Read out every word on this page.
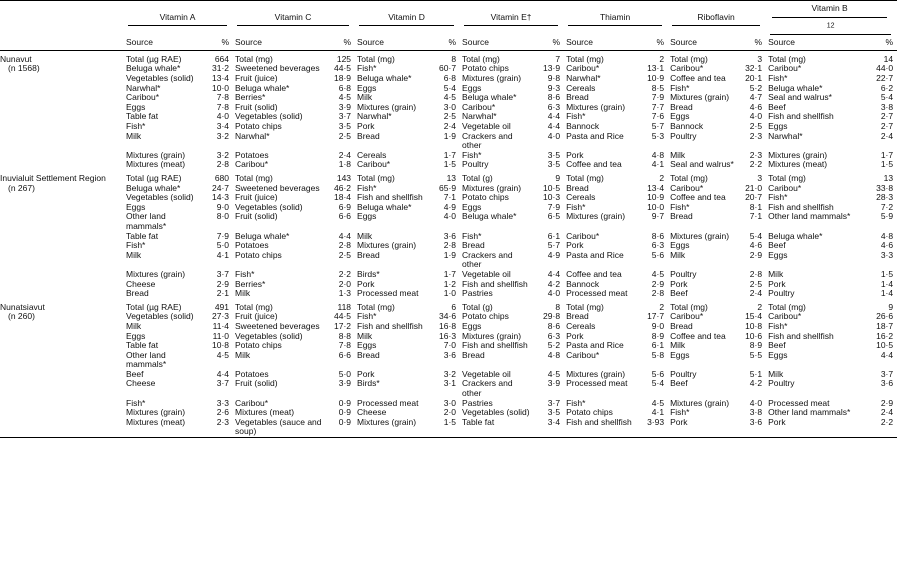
	Vitamin A		Vitamin C		Vitamin D		Vitamin E†		Thiamin		Riboflavin		Vitamin B
$_{12}$

	Source	%	Source	%	Source	%	Source	%	Source	%	Source	%	Source	%
Nunavut	Total (µg RAE)	664	Total (mg)	125	Total (mg)	8	Total (mg)	7	Total (mg)	2	Total (mg)	3	Total (mg)	14
(n 1568)	Beluga whale*	31·2	Sweetened beverages	44·5	Fish*	60·7	Potato chips	13·9	Caribou*	13·1	Caribou*	32·1	Caribou*	44·0
	Vegetables (solid)	13·4	Fruit (juice)	18·9	Beluga whale*	6·8	Mixtures (grain)	9·8	Narwhal*	10·9	Coffee and tea	20·1	Fish*	22·7
	Narwhal*	10·0	Beluga whale*	6·8	Eggs	5·4	Eggs	9·3	Cereals	8·5	Fish*	5·2	Beluga whale*	6·2
	Caribou*	7·8	Berries*	4·5	Milk	4·5	Beluga whale*	8·6	Bread	7·9	Mixtures (grain)	4·7	Seal and walrus*	5·4
	Eggs	7·8	Fruit (solid)	3·9	Mixtures (grain)	3·0	Caribou*	6·3	Mixtures (grain)	7·7	Bread	4·6	Beef	3·8
	Table fat	4·0	Vegetables (solid)	3·7	Narwhal*	2·5	Narwhal*	4·4	Fish*	7·6	Eggs	4·0	Fish and shellfish	2·7
	Fish*	3·4	Potato chips	3·5	Pork	2·4	Vegetable oil	4·4	Bannock	5·7	Bannock	2·5	Eggs	2·7
	Milk	3·2	Narwhal*	2·5	Bread	1·9	Crackers and other	4·0	Pasta and Rice	5·3	Poultry	2·3	Narwhal*	2·4
	Mixtures (grain)	3·2	Potatoes	2·4	Cereals	1·7	Fish*	3·5	Pork	4·8	Milk	2·3	Mixtures (grain)	1·7
	Mixtures (meat)	2·8	Caribou*	1·8	Caribou*	1·5	Poultry	3·5	Coffee and tea	4·1	Seal and walrus*	2·2	Mixtures (meat)	1·5
Inuvialuit Settlement Region	Total (µg RAE)	680	Total (mg)	143	Total (mg)	13	Total (g)	9	Total (mg)	2	Total (mg)	3	Total (mg)	13
(n 267)	Beluga whale*	24·7	Sweetened beverages	46·2	Fish*	65·9	Mixtures (grain)	10·5	Bread	13·4	Caribou*	21·0	Caribou*	33·8
	Vegetables (solid)	14·3	Fruit (juice)	18·4	Fish and shellfish	7·1	Potato chips	10·3	Cereals	10·9	Coffee and tea	20·7	Fish*	28·3
	Eggs	9·0	Vegetables (solid)	6·9	Beluga whale*	4·9	Eggs	7·9	Fish*	10·0	Fish*	8·1	Fish and shellfish	7·2
	Other land mammals*	8·0	Fruit (solid)	6·6	Eggs	4·0	Beluga whale*	6·5	Mixtures (grain)	9·7	Bread	7·1	Other land mammals*	5·9
	Table fat	7·9	Beluga whale*	4·4	Milk	3·6	Fish*	6·1	Caribou*	8·6	Mixtures (grain)	5·4	Beluga whale*	4·8
	Fish*	5·0	Potatoes	2·8	Mixtures (grain)	2·8	Bread	5·7	Pork	6·3	Eggs	4·6	Beef	4·6
	Milk	4·1	Potato chips	2·5	Bread	1·9	Crackers and other	4·9	Pasta and Rice	5·6	Milk	2·9	Eggs	3·3
	Mixtures (grain)	3·7	Fish*	2·2	Birds*	1·7	Vegetable oil	4·4	Coffee and tea	4·5	Poultry	2·8	Milk	1·5
	Cheese	2·9	Berries*	2·0	Pork	1·2	Fish and shellfish	4·2	Bannock	2·9	Pork	2·5	Pork	1·4
	Bread	2·1	Milk	1·3	Processed meat	1·0	Pastries	4·0	Processed meat	2·8	Beef	2·4	Poultry	1·4
Nunatsiavut	Total (µg RAE)	491	Total (mg)	118	Total (mg)	6	Total (g)	8	Total (mg)	2	Total (mg)	2	Total (mg)	9
(n 260)	Vegetables (solid)	27·3	Fruit (juice)	44·5	Fish*	34·6	Potato chips	29·8	Bread	17·7	Caribou*	15·4	Caribou*	26·6
	Milk	11·4	Sweetened beverages	17·2	Fish and shellfish	16·8	Eggs	8·6	Cereals	9·0	Bread	10·8	Fish*	18·7
	Eggs	11·0	Vegetables (solid)	8·8	Milk	16·3	Mixtures (grain)	6·3	Pork	8·9	Coffee and tea	10·6	Fish and shellfish	16·2
	Table fat	10·8	Potato chips	7·8	Eggs	7·0	Fish and shellfish	5·2	Pasta and Rice	6·1	Milk	8·9	Beef	10·5
	Other land mammals*	4·5	Milk	6·6	Bread	3·6	Bread	4·8	Caribou*	5·8	Eggs	5·5	Eggs	4·4
	Beef	4·4	Potatoes	5·0	Pork	3·2	Vegetable oil	4·5	Mixtures (grain)	5·6	Poultry	5·1	Milk	3·7
	Cheese	3·7	Fruit (solid)	3·9	Birds*	3·1	Crackers and other	3·9	Processed meat	5·4	Beef	4·2	Poultry	3·6
	Fish*	3·3	Caribou*	0·9	Processed meat	3·0	Pastries	3·7	Fish*	4·5	Mixtures (grain)	4·0	Processed meat	2·9
	Mixtures (grain)	2·6	Mixtures (meat)	0·9	Cheese	2·0	Vegetables (solid)	3·5	Potato chips	4·1	Fish*	3·8	Other land mammals*	2·4
	Mixtures (meat)	2·3	Vegetables (sauce and soup)	0·9	Mixtures (grain)	1·5	Table fat	3·4	Fish and shellfish	3·93	Pork	3·6	Pork	2·2
